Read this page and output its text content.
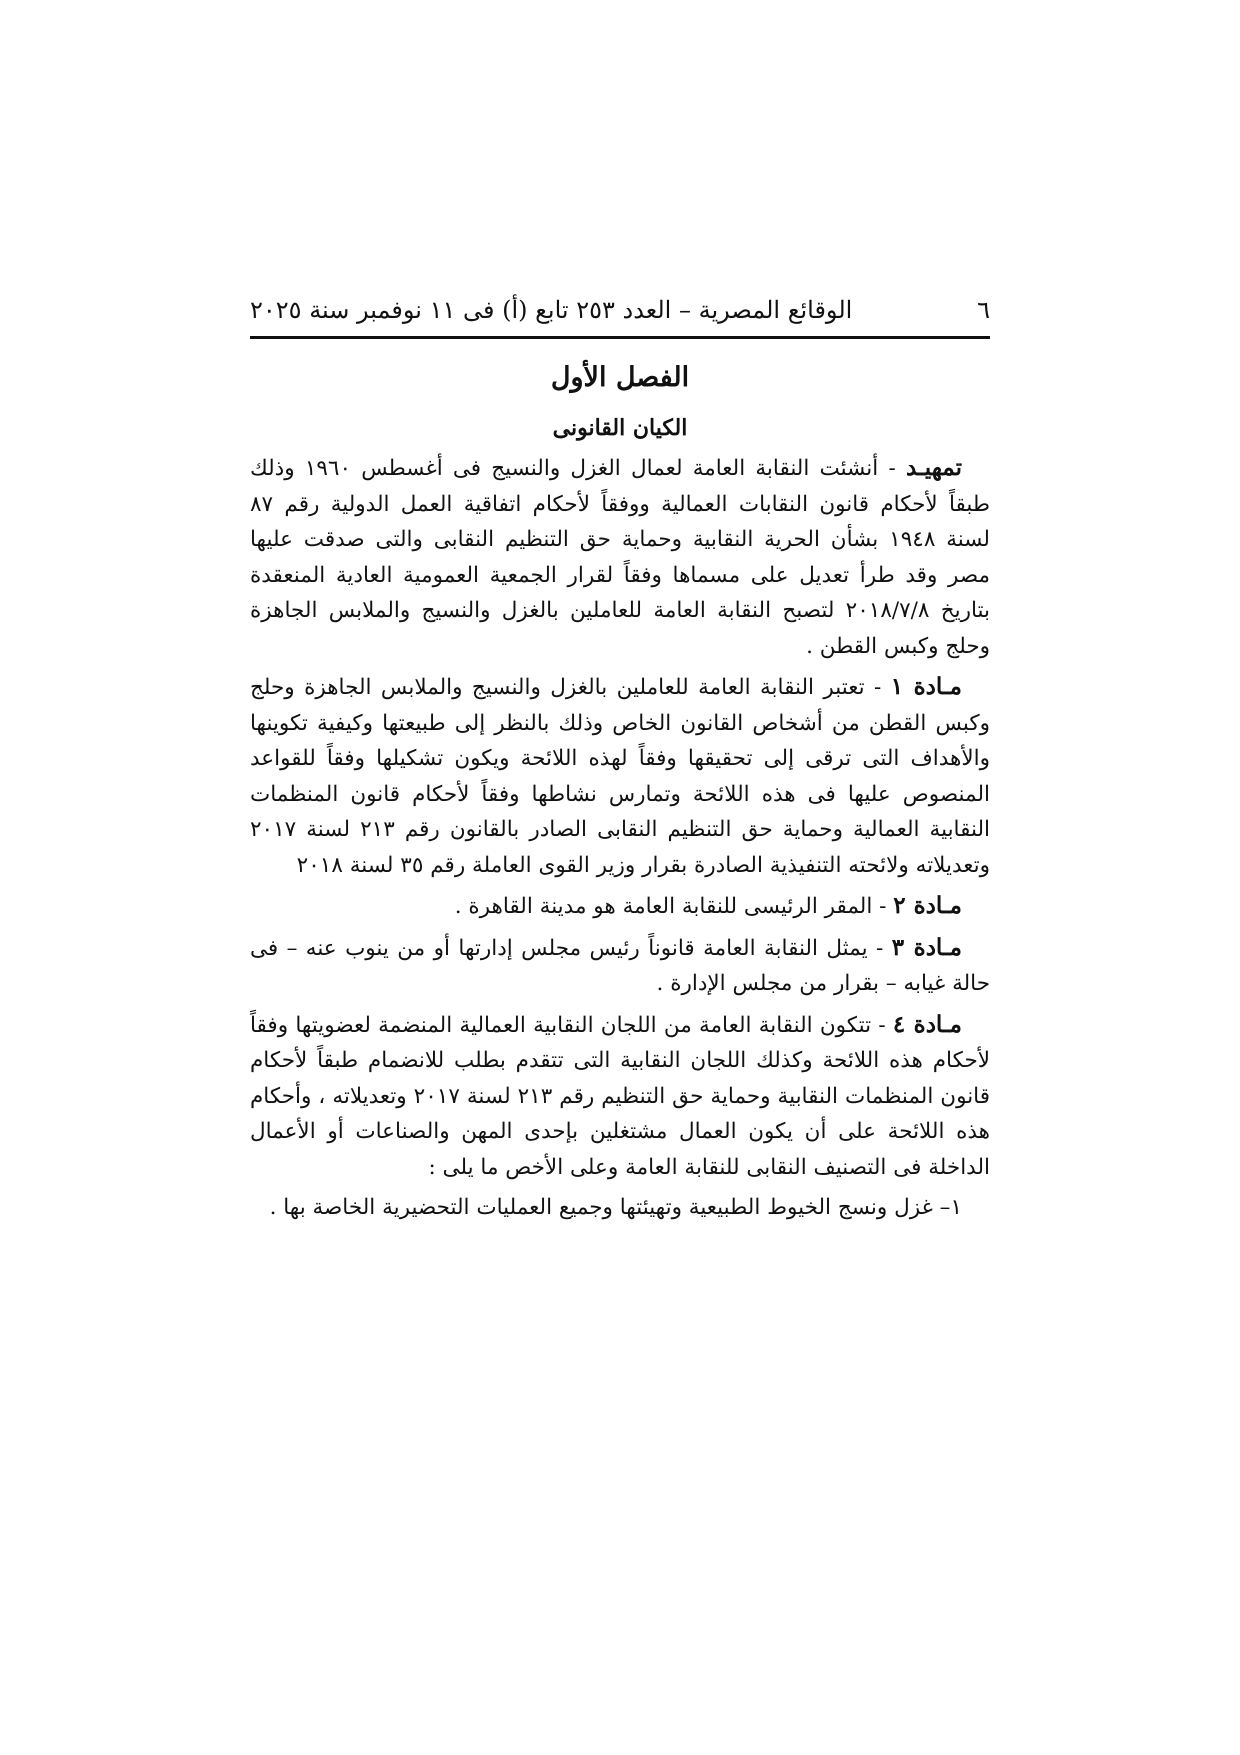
٦
الوقائع المصرية – العدد ٢٥٣ تابع (أ) فى ١١ نوفمبر سنة ٢٠٢٥

الفصل الأول

الكيان القانونى

تمهيـد - أنشئت النقابة العامة لعمال الغزل والنسيج فى أغسطس ١٩٦٠ وذلك طبقاً لأحكام قانون النقابات العمالية ووفقاً لأحكام اتفاقية العمل الدولية رقم ٨٧ لسنة ١٩٤٨ بشأن الحرية النقابية وحماية حق التنظيم النقابى والتى صدقت عليها مصر وقد طرأ تعديل على مسماها وفقاً لقرار الجمعية العمومية العادية المنعقدة بتاريخ ٢٠١٨/٧/٨ لتصبح النقابة العامة للعاملين بالغزل والنسيج والملابس الجاهزة وحلج وكبس القطن .

مـادة ١ - تعتبر النقابة العامة للعاملين بالغزل والنسيج والملابس الجاهزة وحلج وكبس القطن من أشخاص القانون الخاص وذلك بالنظر إلى طبيعتها وكيفية تكوينها والأهداف التى ترقى إلى تحقيقها وفقاً لهذه اللائحة ويكون تشكيلها وفقاً للقواعد المنصوص عليها فى هذه اللائحة وتمارس نشاطها وفقاً لأحكام قانون المنظمات النقابية العمالية وحماية حق التنظيم النقابى الصادر بالقانون رقم ٢١٣ لسنة ٢٠١٧ وتعديلاته ولائحته التنفيذية الصادرة بقرار وزير القوى العاملة رقم ٣٥ لسنة ٢٠١٨

مـادة ٢ - المقر الرئيسى للنقابة العامة هو مدينة القاهرة .

مـادة ٣ - يمثل النقابة العامة قانوناً رئيس مجلس إدارتها أو من ينوب عنه – فى حالة غيابه – بقرار من مجلس الإدارة .

مـادة ٤ - تتكون النقابة العامة من اللجان النقابية العمالية المنضمة لعضويتها وفقاً لأحكام هذه اللائحة وكذلك اللجان النقابية التى تتقدم بطلب للانضمام طبقاً لأحكام قانون المنظمات النقابية وحماية حق التنظيم رقم ٢١٣ لسنة ٢٠١٧ وتعديلاته ، وأحكام هذه اللائحة على أن يكون العمال مشتغلين بإحدى المهن والصناعات أو الأعمال الداخلة فى التصنيف النقابى للنقابة العامة وعلى الأخص ما يلى :

١– غزل ونسج الخيوط الطبيعية وتهيئتها وجميع العمليات التحضيرية الخاصة بها .
